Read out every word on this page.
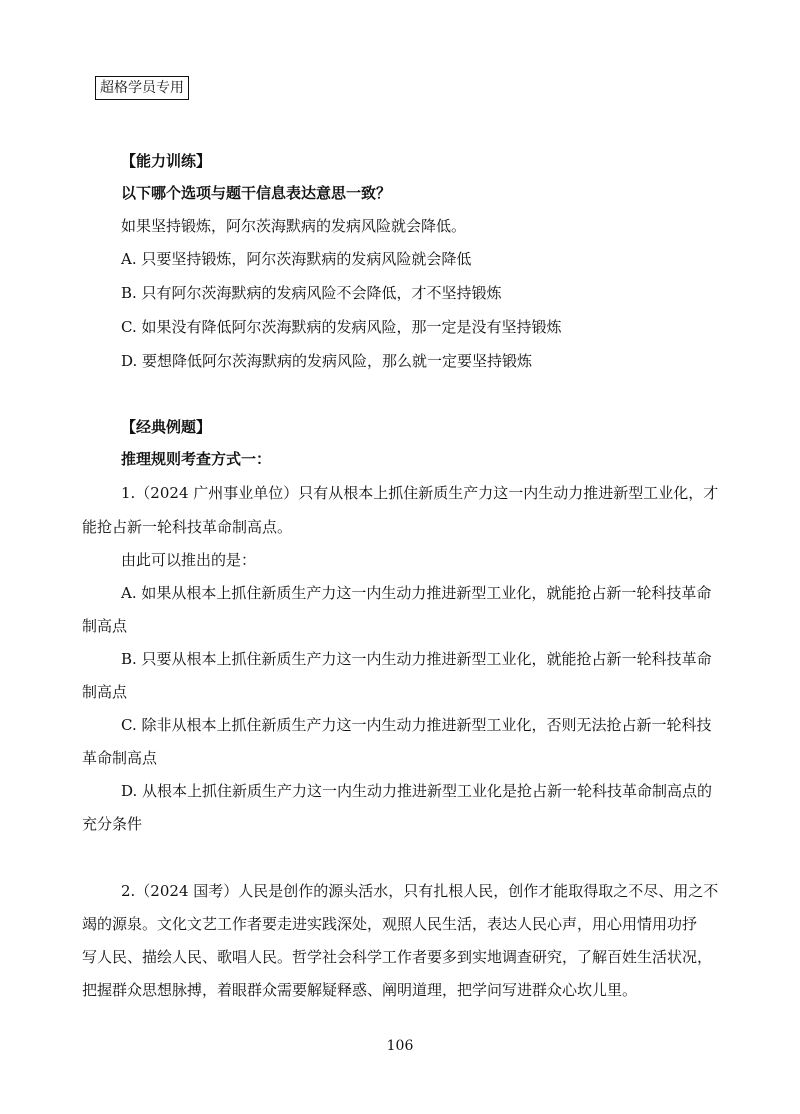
超格学员专用
【能力训练】
以下哪个选项与题干信息表达意思一致？
如果坚持锻炼，阿尔茨海默病的发病风险就会降低。
A. 只要坚持锻炼，阿尔茨海默病的发病风险就会降低
B. 只有阿尔茨海默病的发病风险不会降低，才不坚持锻炼
C. 如果没有降低阿尔茨海默病的发病风险，那一定是没有坚持锻炼
D. 要想降低阿尔茨海默病的发病风险，那么就一定要坚持锻炼
【经典例题】
推理规则考查方式一：
1.（2024 广州事业单位）只有从根本上抓住新质生产力这一内生动力推进新型工业化，才
能抢占新一轮科技革命制高点。
由此可以推出的是：
A. 如果从根本上抓住新质生产力这一内生动力推进新型工业化，就能抢占新一轮科技革命
制高点
B. 只要从根本上抓住新质生产力这一内生动力推进新型工业化，就能抢占新一轮科技革命
制高点
C. 除非从根本上抓住新质生产力这一内生动力推进新型工业化，否则无法抢占新一轮科技
革命制高点
D. 从根本上抓住新质生产力这一内生动力推进新型工业化是抢占新一轮科技革命制高点的
充分条件
2.（2024 国考）人民是创作的源头活水，只有扎根人民，创作才能取得取之不尽、用之不
竭的源泉。文化文艺工作者要走进实践深处，观照人民生活，表达人民心声，用心用情用功抒
写人民、描绘人民、歌唱人民。哲学社会科学工作者要多到实地调查研究，了解百姓生活状况，
把握群众思想脉搏，着眼群众需要解疑释惑、阐明道理，把学问写进群众心坎儿里。
106
